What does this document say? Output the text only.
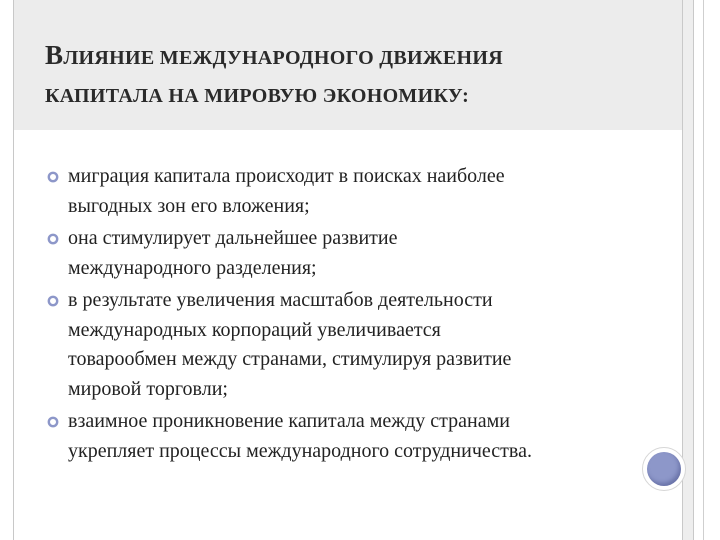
ВЛИЯНИЕ МЕЖДУНАРОДНОГО ДВИЖЕНИЯ
КАПИТАЛА НА МИРОВУЮ ЭКОНОМИКУ:
миграция капитала происходит в поисках наиболее
выгодных зон его вложения;
она стимулирует дальнейшее развитие
международного разделения;
в результате увеличения масштабов деятельности
международных корпораций увеличивается
товарообмен между странами, стимулируя развитие
мировой торговли;
взаимное проникновение капитала между странами
укрепляет процессы международного сотрудничества.
